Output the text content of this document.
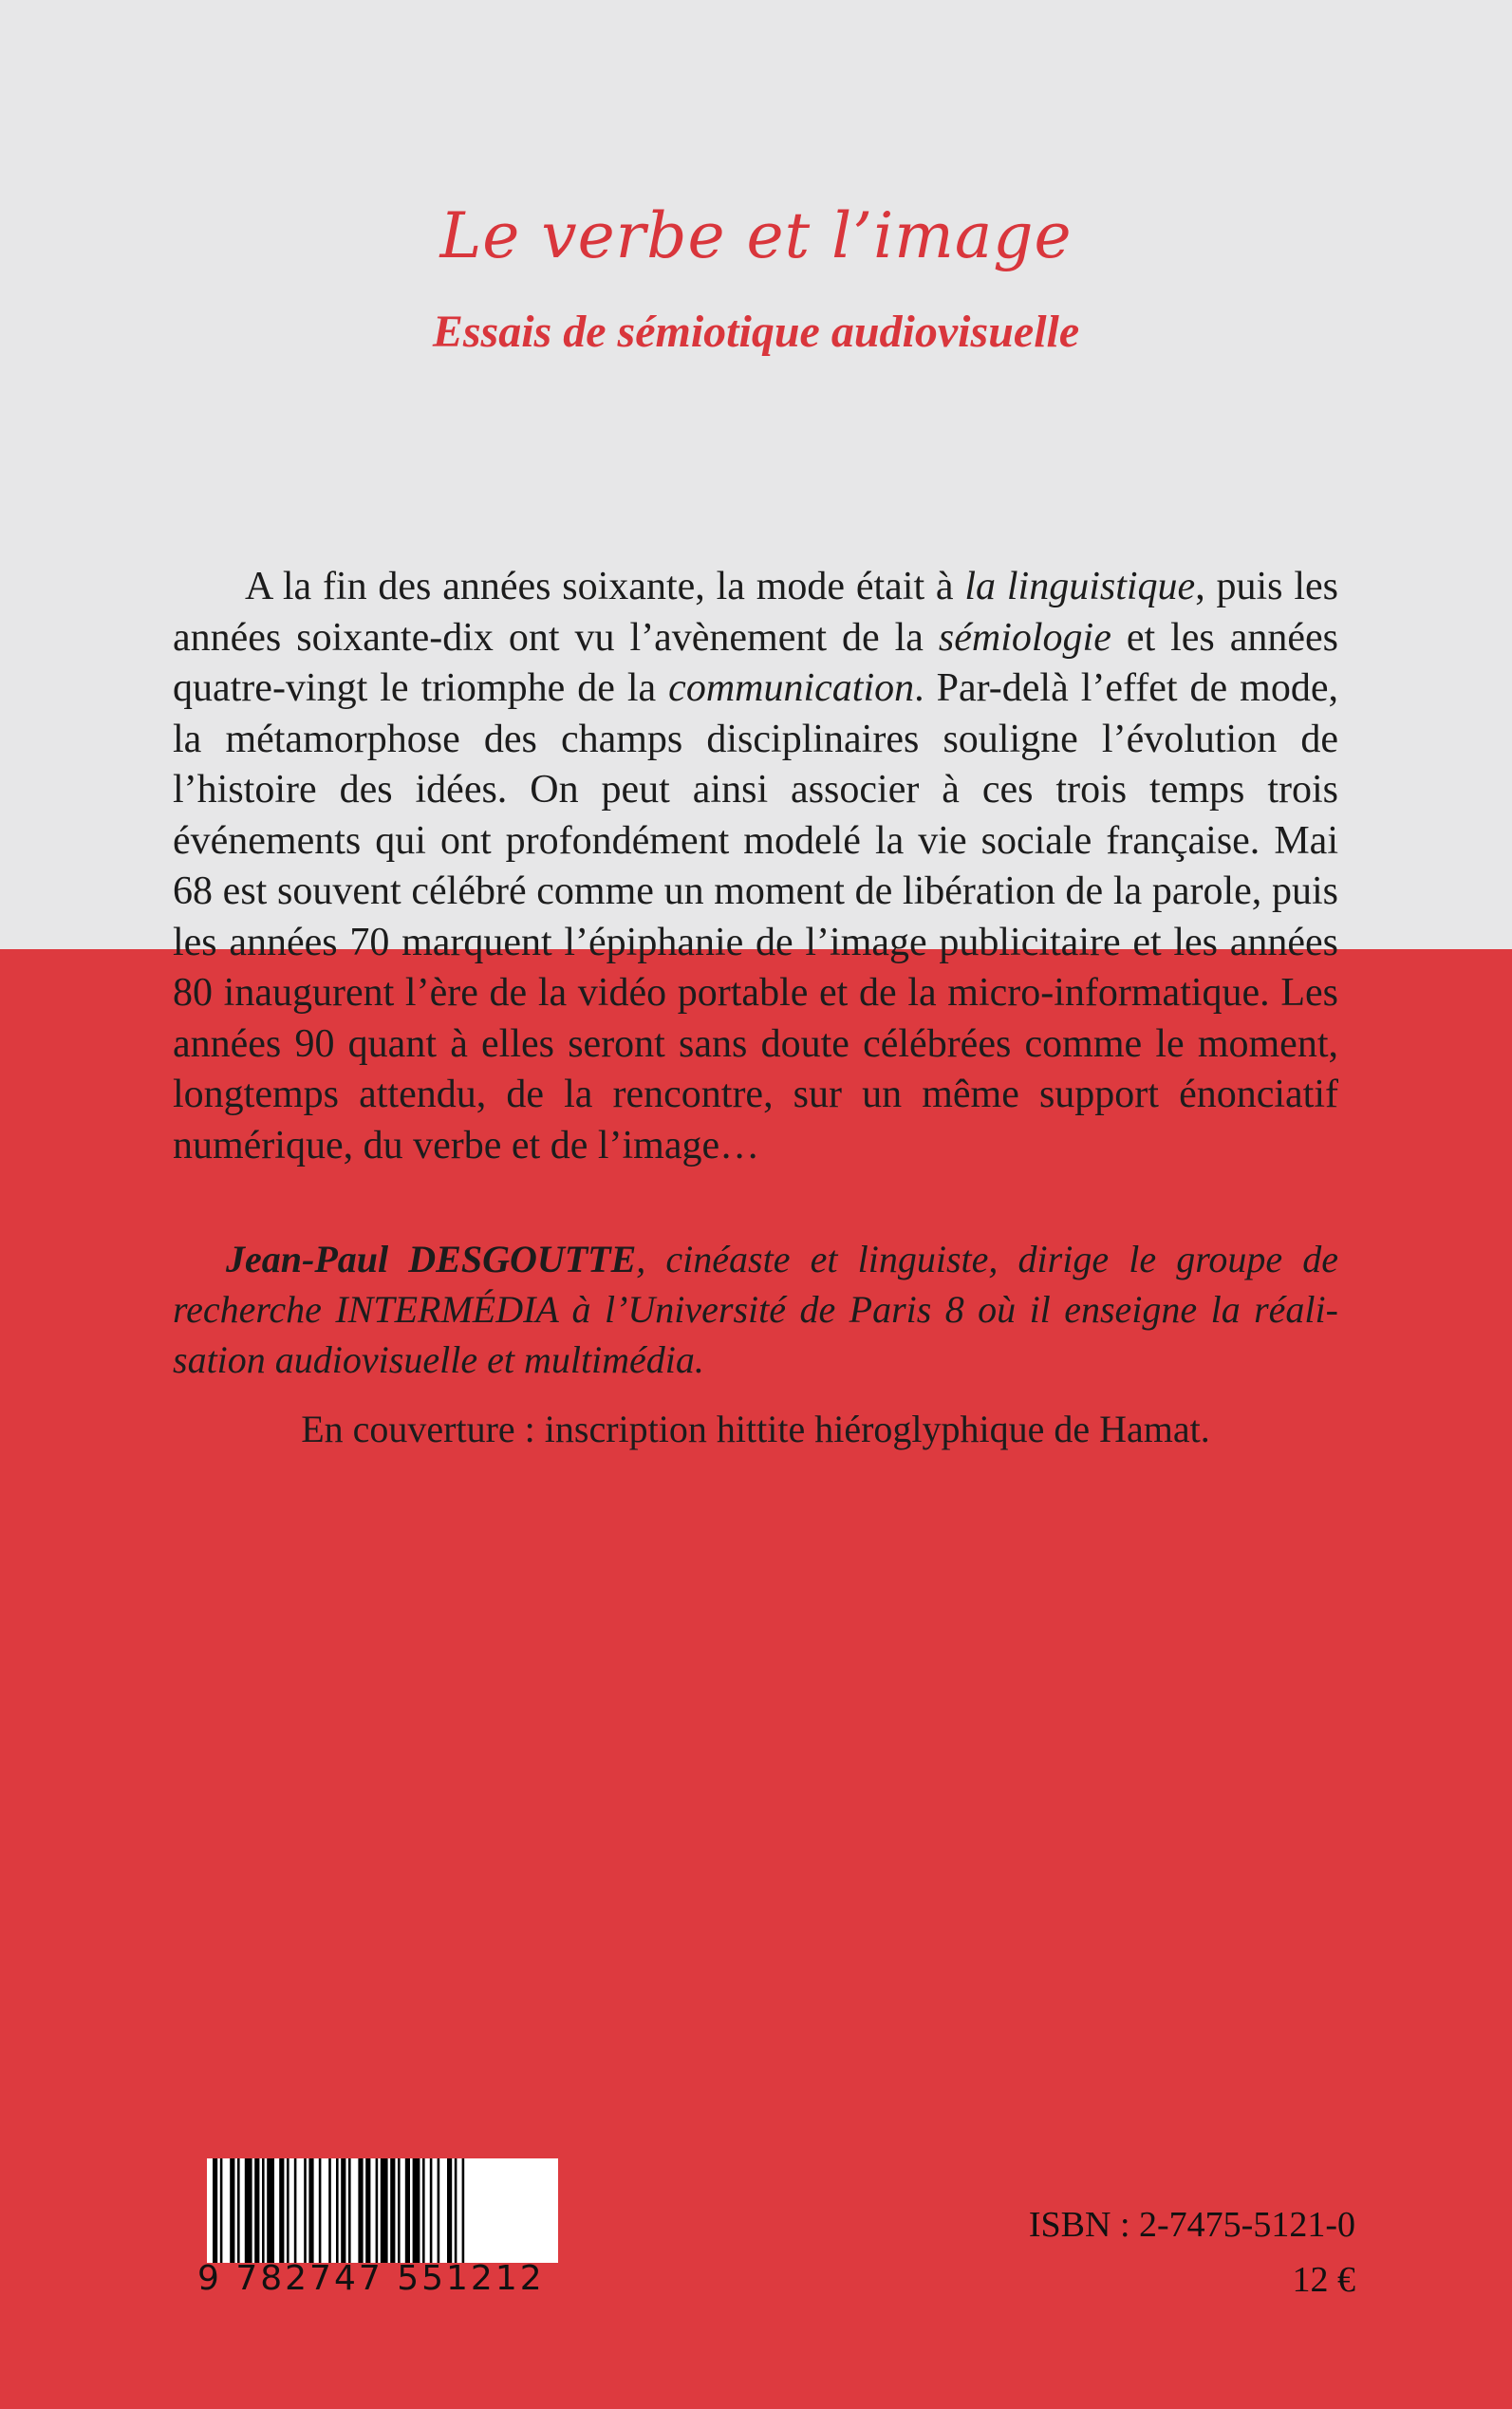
Le verbe et l’image
Essais de sémiotique audiovisuelle

A la fin des années soixante, la mode était à la linguistique, puis les années soixante-dix ont vu l’avènement de la sémiologie et les années quatre-vingt le triomphe de la communication. Par-delà l’effet de mode, la métamorphose des champs disciplinaires souligne l’évolution de l’histoire des idées. On peut ainsi associer à ces trois temps trois événements qui ont profondément modelé la vie sociale française. Mai 68 est souvent célébré comme un moment de libération de la parole, puis les années 70 marquent l’épiphanie de l’image publicitaire et les années 80 inaugurent l’ère de la vidéo portable et de la micro-informatique. Les années 90 quant à elles seront sans doute célébrées comme le moment, longtemps attendu, de la rencontre, sur un même support énonciatif numérique, du verbe et de l’image…

Jean-Paul DESGOUTTE, cinéaste et linguiste, dirige le groupe de recherche INTERMÉDIA à l’Université de Paris 8 où il enseigne la réalisation audiovisuelle et multimédia.

En couverture : inscription hittite hiéroglyphique de Hamat.
9 782747 551212
ISBN : 2-7475-5121-0
12 €
